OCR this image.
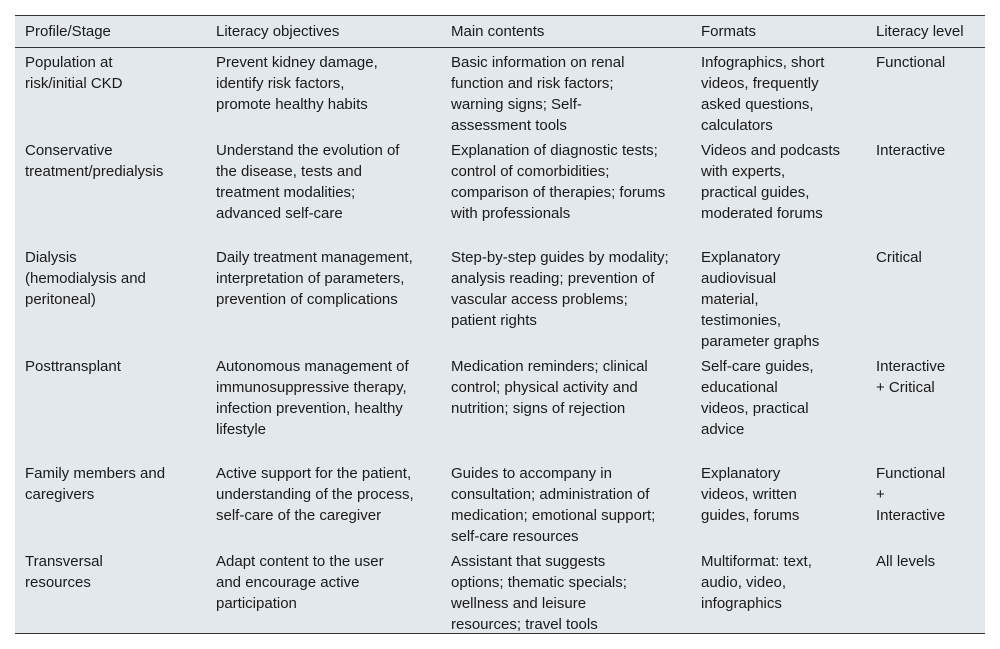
Profile/Stage	Literacy objectives	Main contents	Formats	Literacy level

Population at risk/initial CKD	Prevent kidney damage, identify risk factors, promote healthy habits	Basic information on renal function and risk factors; warning signs; Self-assessment tools	Infographics, short videos, frequently asked questions, calculators	Functional

Conservative treatment/predialysis	Understand the evolution of the disease, tests and treatment modalities; advanced self-care	Explanation of diagnostic tests; control of comorbidities; comparison of therapies; forums with professionals	Videos and podcasts with experts, practical guides, moderated forums	Interactive

Dialysis (hemodialysis and peritoneal)	Daily treatment management, interpretation of parameters, prevention of complications	Step-by-step guides by modality; analysis reading; prevention of vascular access problems; patient rights	Explanatory audiovisual material, testimonies, parameter graphs	Critical

Posttransplant	Autonomous management of immunosuppressive therapy, infection prevention, healthy lifestyle	Medication reminders; clinical control; physical activity and nutrition; signs of rejection	Self-care guides, educational videos, practical advice	Interactive + Critical

Family members and caregivers	Active support for the patient, understanding of the process, self-care of the caregiver	Guides to accompany in consultation; administration of medication; emotional support; self-care resources	Explanatory videos, written guides, forums	Functional + Interactive

Transversal resources	Adapt content to the user and encourage active participation	Assistant that suggests options; thematic specials; wellness and leisure resources; travel tools	Multiformat: text, audio, video, infographics	All levels
